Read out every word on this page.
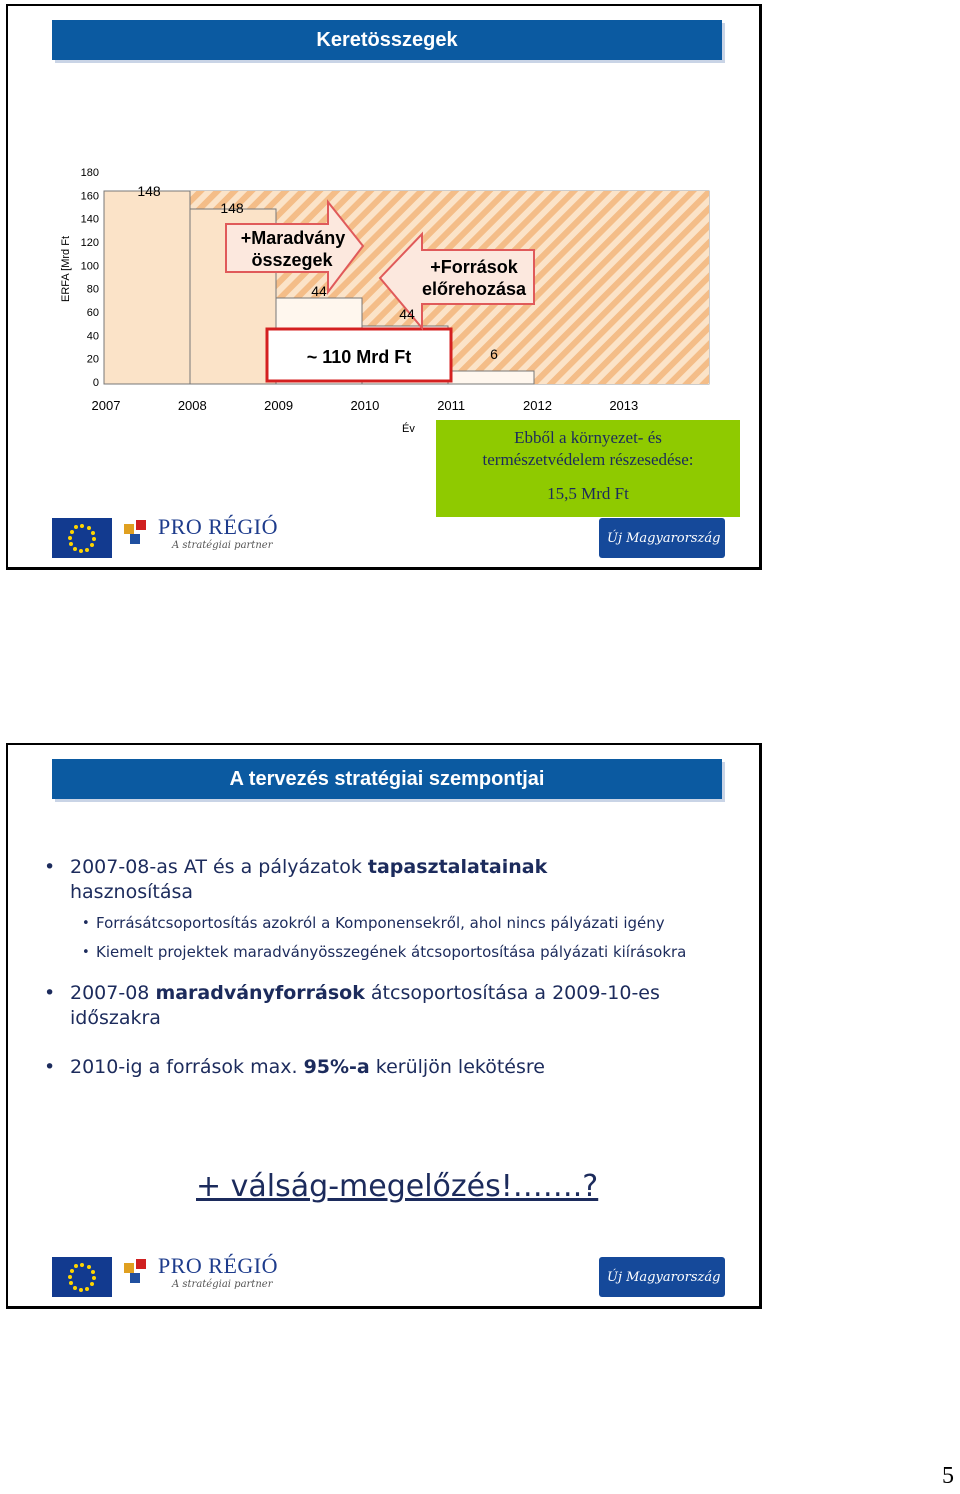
Keretösszegek
ERFA [Mrd Ft
180
160
140
120
100
80
60
40
20
0
~ 110 Mrd Ft
+Maradvány
összegek	+Források
előrehozása
148
148
44
44
6
2007	2008	2009	2010	2011	2012	2013
Év	Ebből a környezet- és
természetvédelem részesedése:
15,5 Mrd Ft
PRO RÉGIÓ
A stratégiai partner	Új Magyarország
A tervezés stratégiai szempontjai
• 2007-08-as AT és a pályázatok tapasztalatainak
hasznosítása
• Forrásátcsoportosítás azokról a Komponensekről, ahol nincs pályázati igény
• Kiemelt projektek maradványösszegének átcsoportosítása pályázati kiírásokra
• 2007-08 maradványforrások átcsoportosítása a 2009-10-es időszakra
• 2010-ig a források max. 95%-a kerüljön lekötésre
+ válság-megelőzés!…….?
PRO RÉGIÓ
A stratégiai partner	Új Magyarország
5
